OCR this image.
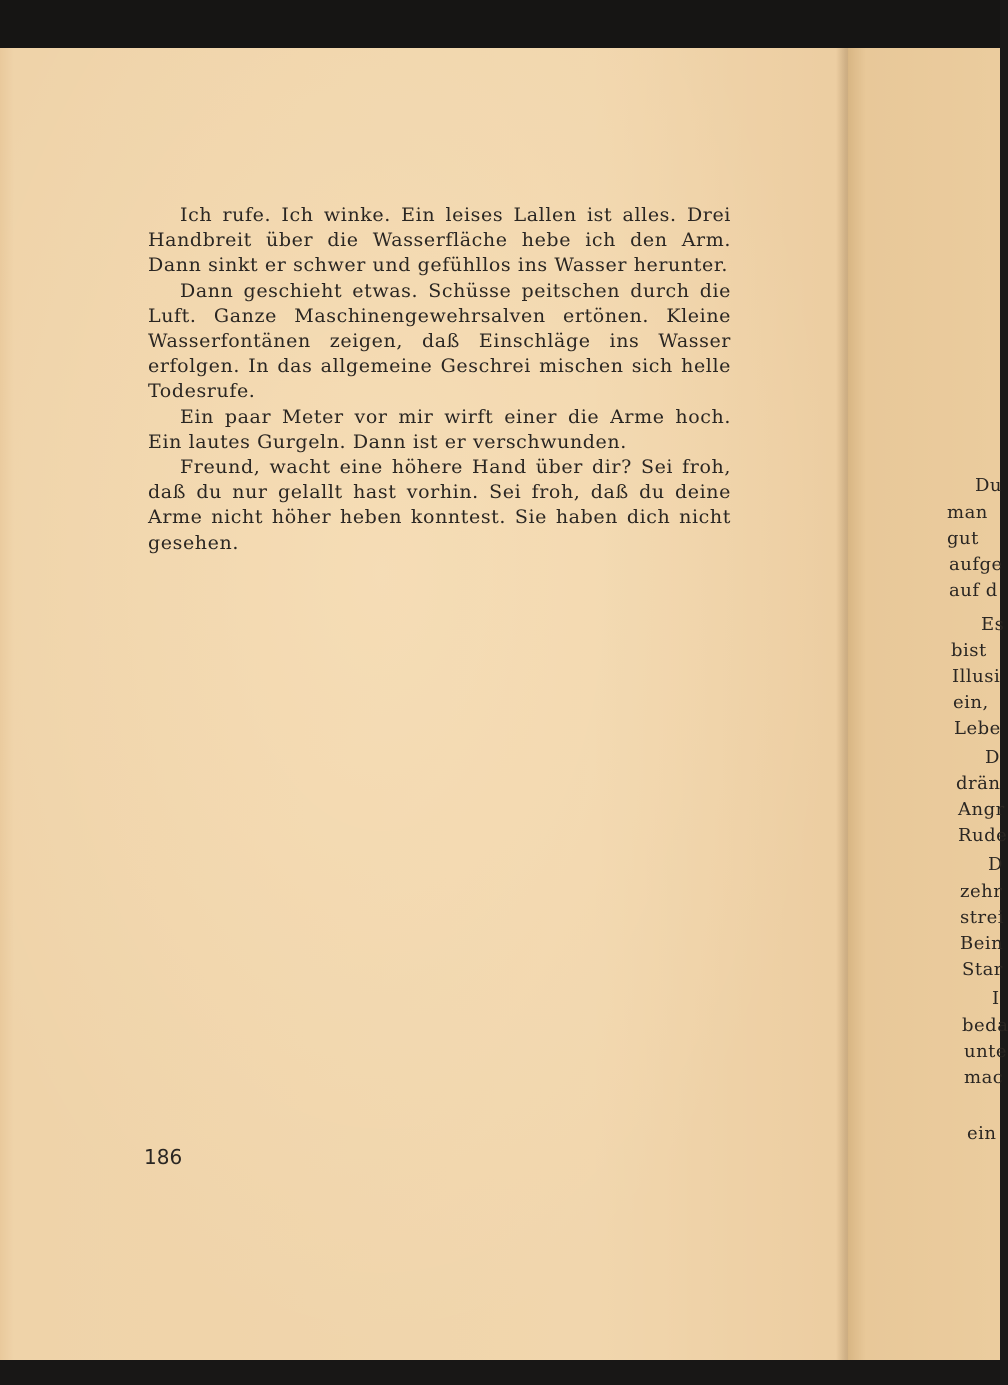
Ich rufe. Ich winke. Ein leises Lallen ist alles. Drei Handbreit über die Wasserfläche hebe ich den Arm. Dann sinkt er schwer und gefühllos ins Wasser herunter.

Dann geschieht etwas. Schüsse peitschen durch die Luft. Ganze Maschinengewehrsalven ertönen. Kleine Wasserfontänen zeigen, daß Einschläge ins Wasser erfolgen. In das allgemeine Geschrei mischen sich helle Todesrufe.

Ein paar Meter vor mir wirft einer die Arme hoch. Ein lautes Gurgeln. Dann ist er verschwunden.

Freund, wacht eine höhere Hand über dir? Sei froh, daß du nur gelallt hast vorhin. Sei froh, daß du deine Arme nicht höher heben konntest. Sie haben dich nicht gesehen.

186
Du
man
gut
aufge
auf d
Es
bist
Illusi
ein,
Lebe
D
drän
Angr
Rude
D
zehr
strei
Bein
Star
I
beda
unte
mac
ein
